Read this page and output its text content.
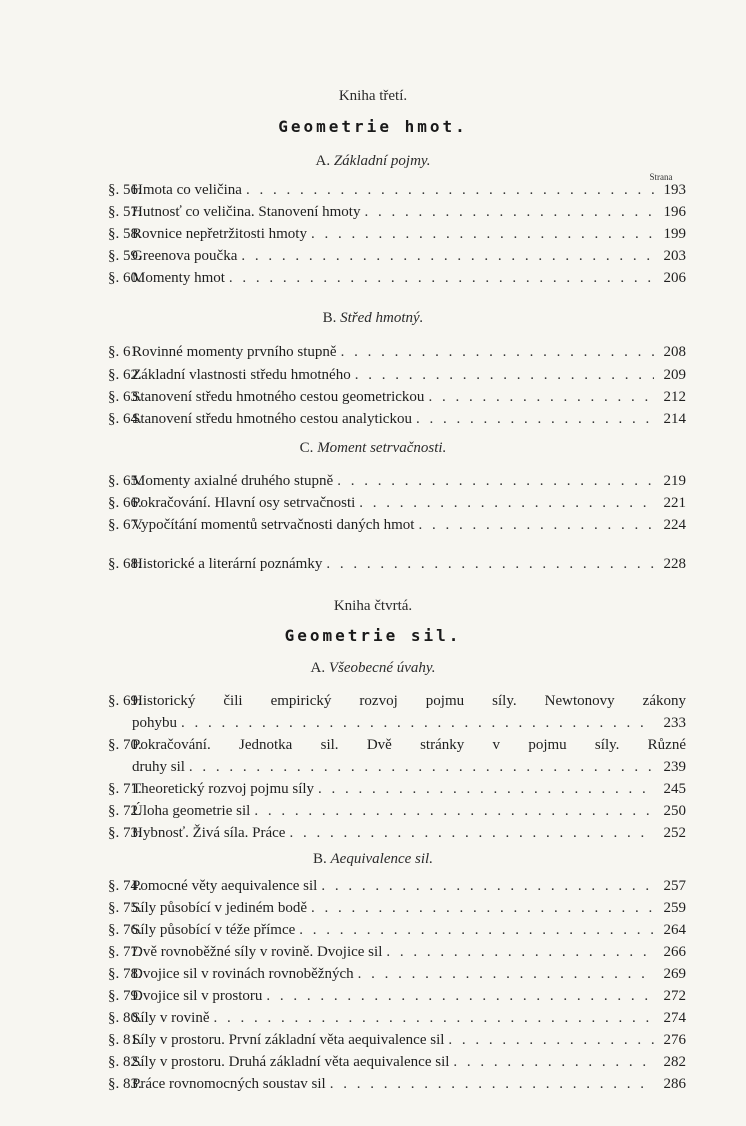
Kniha třetí.
Geometrie hmot.
A. Základní pojmy.
Strana
§. 56.
Hmota co veličina . . .	193
§. 57.
Hutnosť co veličina. Stanovení hmoty . . .	196
§. 58.
Rovnice nepřetržitosti hmoty . . .	199
§. 59.
Greenova poučka . . .	203
§. 60.
Momenty hmot . . .	206
B. Střed hmotný.
§. 61.
Rovinné momenty prvního stupně . . .	208
§. 62.
Základní vlastnosti středu hmotného . . .	209
§. 63.
Stanovení středu hmotného cestou geometrickou . . .	212
§. 64.
Stanovení středu hmotného cestou analytickou . . .	214
C. Moment setrvačnosti.
§. 65.
Momenty axialné druhého stupně . . .	219
§. 66.
Pokračování. Hlavní osy setrvačnosti . . .	221
§. 67.
Vypočítání momentů setrvačnosti daných hmot . . .	224
§. 68.
Historické a literární poznámky . . .	228
Kniha čtvrtá.
Geometrie sil.
A. Všeobecné úvahy.
§. 69.
Historický čili empirický rozvoj pojmu síly. Newtonovy zákony
pohybu . . .	233
§. 70.
Pokračování. Jednotka sil. Dvě stránky v pojmu síly. Různé
druhy sil . . .	239
§. 71.
Theoretický rozvoj pojmu síly . . .	245
§. 72.
Úloha geometrie sil . . .	250
§. 73.
Hybnosť. Živá síla. Práce . . .	252
B. Aequivalence sil.
§. 74.
Pomocné věty aequivalence sil . . .	257
§. 75.
Síly působící v jediném bodě . . .	259
§. 76.
Síly působící v téže přímce . . .	264
§. 77.
Dvě rovnoběžné síly v rovině. Dvojice sil . . .	266
§. 78.
Dvojice sil v rovinách rovnoběžných . . .	269
§. 79.
Dvojice sil v prostoru . . .	272
§. 80.
Síly v rovině . . .	274
§. 81.
Síly v prostoru. První základní věta aequivalence sil . . .	276
§. 82.
Síly v prostoru. Druhá základní věta aequivalence sil . . .	282
§. 83.
Práce rovnomocných soustav sil . . .	286
